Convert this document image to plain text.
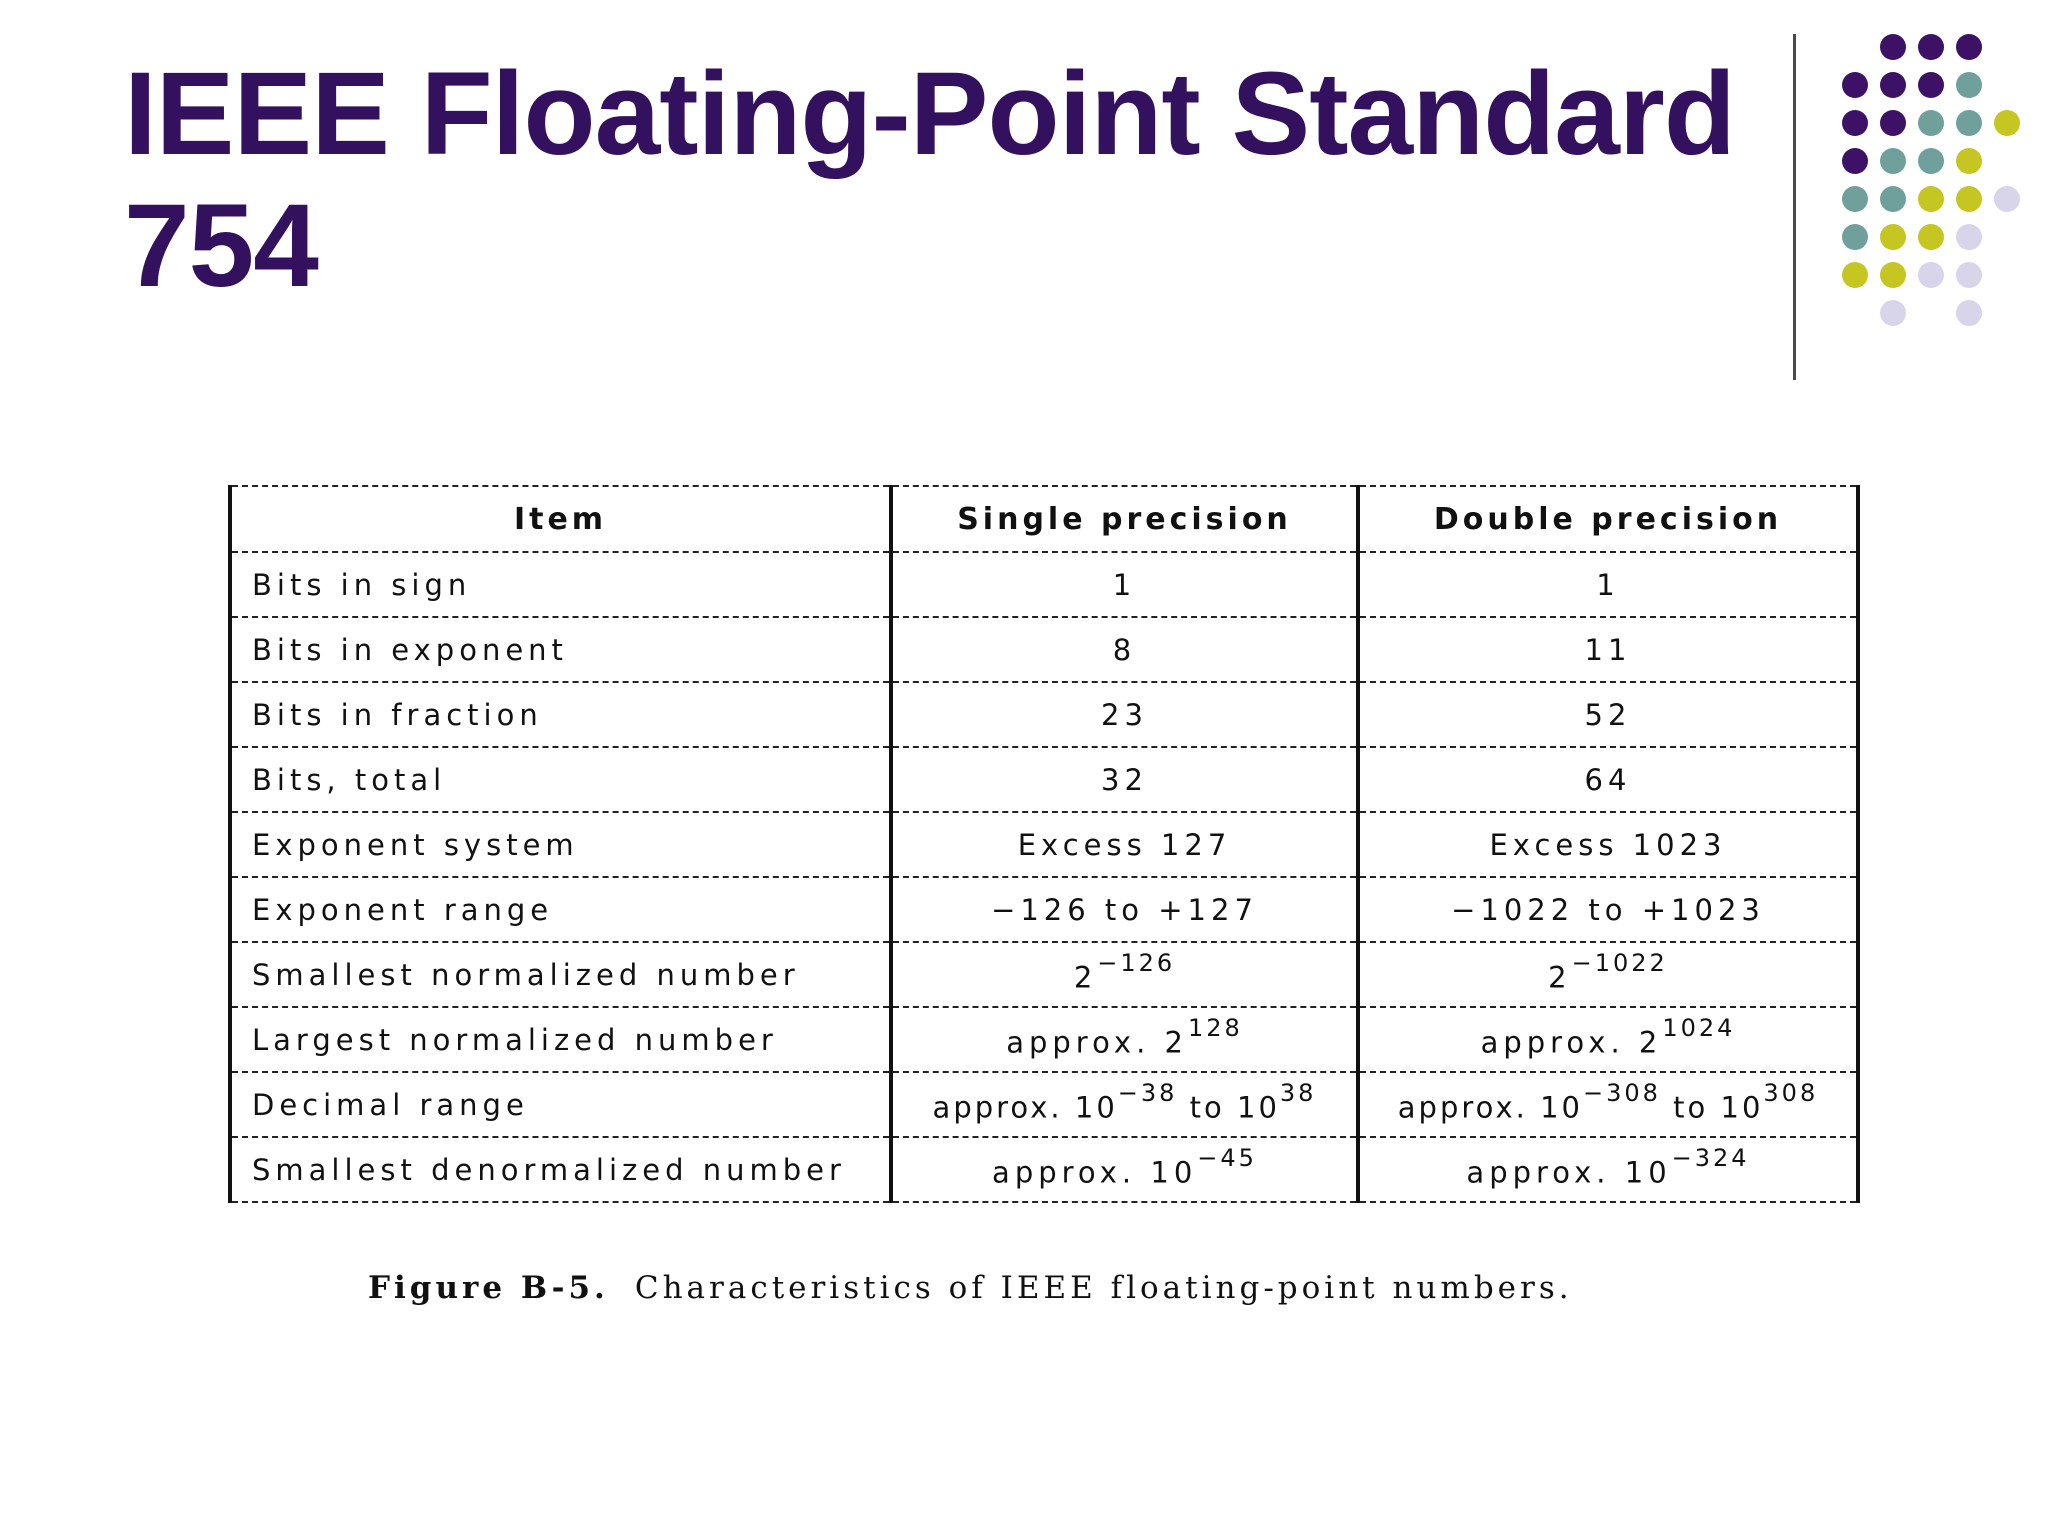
IEEE Floating-Point Standard
754
Item	Single precision	Double precision
Bits in sign	1	1
Bits in exponent	8	11
Bits in fraction	23	52
Bits, total	32	64
Exponent system	Excess 127	Excess 1023
Exponent range	−126 to +127	−1022 to +1023
Smallest normalized number	$2^{-126}$	$2^{-1022}$
Largest normalized number	approx. $2^{128}$	approx. $2^{1024}$
Decimal range	approx. $10^{-38}$ to $10^{38}$	approx. $10^{-308}$ to $10^{308}$
Smallest denormalized number	approx. $10^{-45}$	approx. $10^{-324}$

Figure B-5. Characteristics of IEEE floating-point numbers.
